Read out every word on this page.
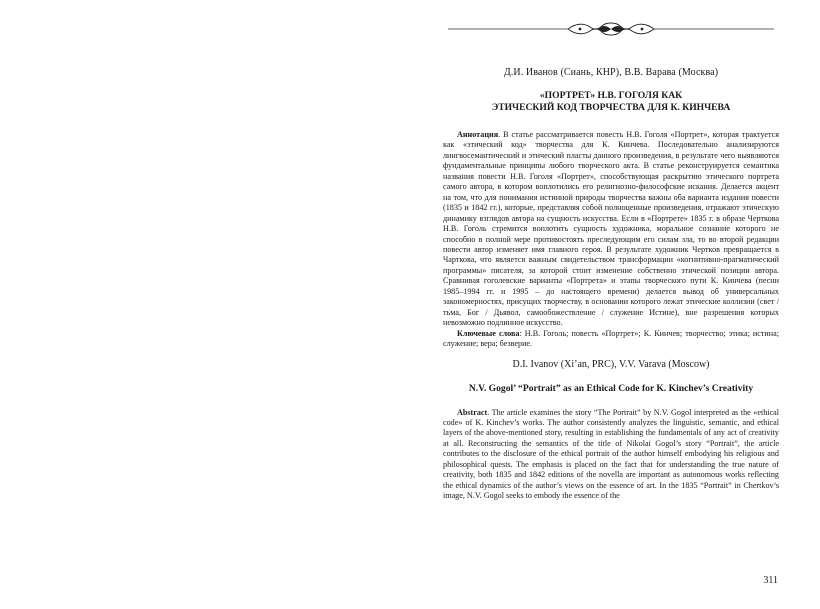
Д.И. Иванов (Сиань, КНР), В.В. Варава (Москва)
«ПОРТРЕТ» Н.В. ГОГОЛЯ КАК
ЭТИЧЕСКИЙ КОД ТВОРЧЕСТВА ДЛЯ К. КИНЧЕВА

Аннотация. В статье рассматривается повесть Н.В. Гоголя «Портрет», которая трактуется как «этический код» творчества для К. Кинчева. Последовательно анализируются лингвосемантический и этический пласты данного произведения, в результате чего выявляются фундаментальные принципы любого творческого акта. В статье реконструируется семантика названия повести Н.В. Гоголя «Портрет», способствующая раскрытию этического портрета самого автора, в котором воплотились его религиозно-философские искания. Делается акцент на том, что для понимания истинной природы творчества важны оба варианта издания повести (1835 и 1842 гг.), которые, представляя собой полноценные произведения, отражают этическую динамику взглядов автора на сущность искусства. Если в «Портрете» 1835 г. в образе Черткова Н.В. Гоголь стремится воплотить сущность художника, моральное сознание которого не способно в полной мере противостоять преследующим его силам зла, то во второй редакции повести автор изменяет имя главного героя. В результате художник Чертков превращается в Чарткова, что является важным свидетельством трансформации «когнитивно-прагматический программы» писателя, за которой стоит изменение собственно этической позиции автора. Сравнивая гоголевские варианты «Портрета» и этапы творческого пути К. Кинчева (песни 1985–1994 гг. и 1995 – до настоящего времени) делается вывод об универсальных закономерностях, присущих творчеству, в основании которого лежат этические коллизии (свет / тьма, Бог / Дьявол, самообожествление / служение Истине), вне разрешения которых невозможно подлинное искусство.

Ключевые слова: Н.В. Гоголь; повесть «Портрет»; К. Кинчев; творчество; этика; истина; служение; вера; безверие.

D.I. Ivanov (Xi’an, PRC), V.V. Varava (Moscow)
N.V. Gogol’ “Portrait” as an Ethical Code for K. Kinchev’s Creativity

Abstract. The article examines the story “The Portrait” by N.V. Gogol interpreted as the «ethical code» of K. Kinchev’s works. The author consistently analyzes the linguistic, semantic, and ethical layers of the above-mentioned story, resulting in establishing the fundamentals of any act of creativity at all. Reconstructing the semantics of the title of Nikolai Gogol’s story “Portrait”, the article contributes to the disclosure of the ethical portrait of the author himself embodying his religious and philosophical quests. The emphasis is placed on the fact that for understanding the true nature of creativity, both 1835 and 1842 editions of the novella are important as autonomous works reflecting the ethical dynamics of the author’s views on the essence of art. In the 1835 “Portrait” in Chertkov’s image, N.V. Gogol seeks to embody the essence of the

311
